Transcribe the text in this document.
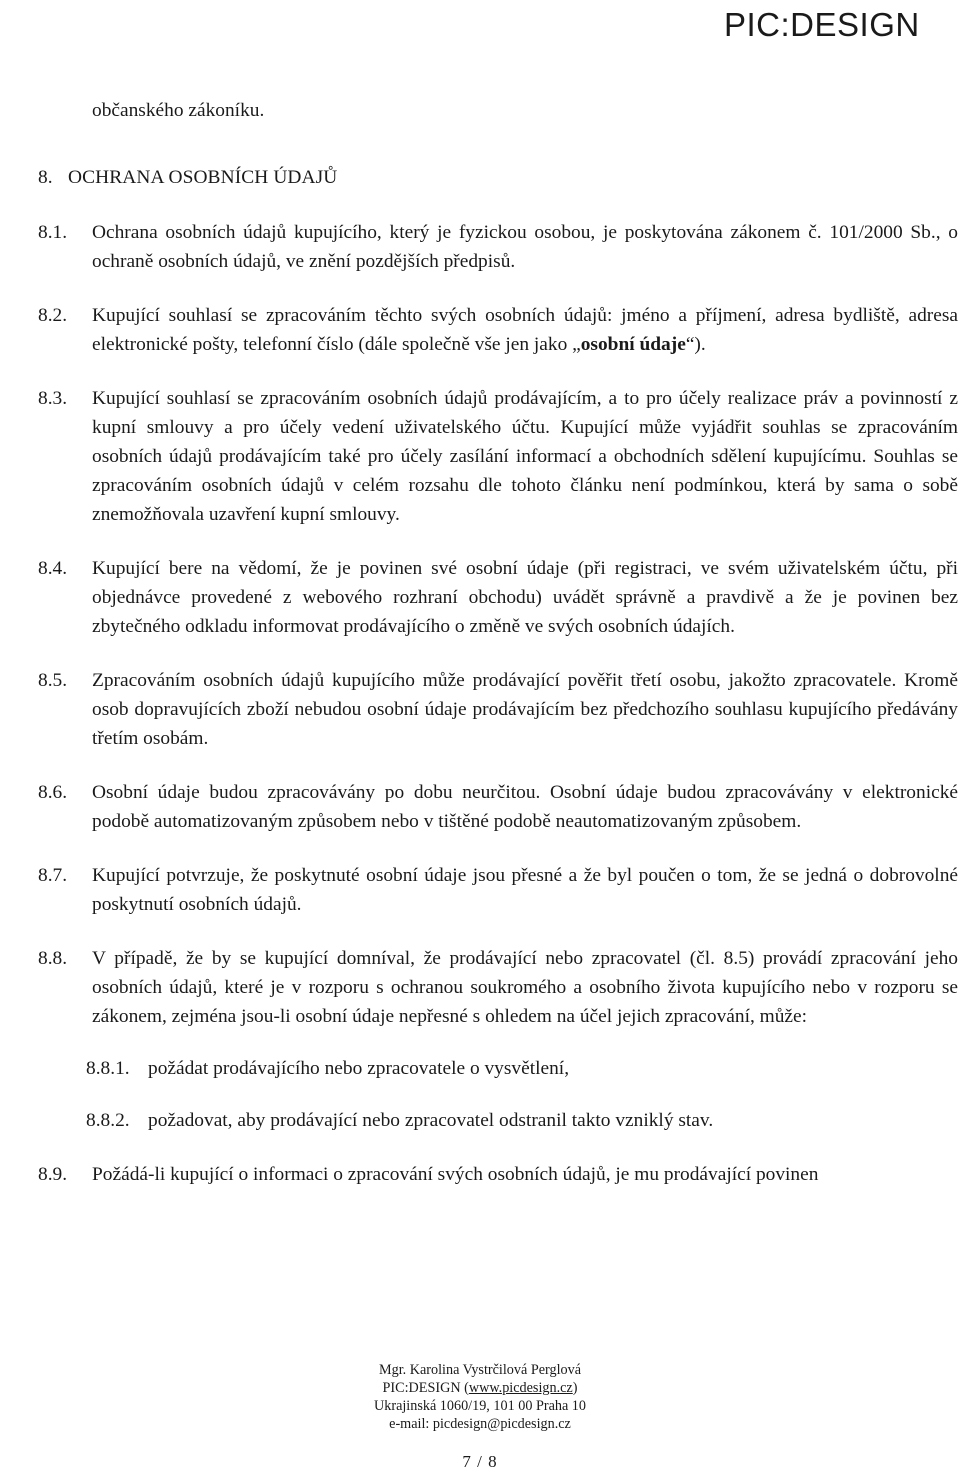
PIC:DESIGN
občanského zákoníku.
8. OCHRANA OSOBNÍCH ÚDAJŮ
8.1.	Ochrana osobních údajů kupujícího, který je fyzickou osobou, je poskytována zákonem č. 101/2000 Sb., o ochraně osobních údajů, ve znění pozdějších předpisů.
8.2.	Kupující souhlasí se zpracováním těchto svých osobních údajů: jméno a příjmení, adresa bydliště, adresa elektronické pošty, telefonní číslo (dále společně vše jen jako „osobní údaje“).
8.3.	Kupující souhlasí se zpracováním osobních údajů prodávajícím, a to pro účely realizace práv a povinností z kupní smlouvy a pro účely vedení uživatelského účtu. Kupující může vyjádřit souhlas se zpracováním osobních údajů prodávajícím také pro účely zasílání informací a obchodních sdělení kupujícímu. Souhlas se zpracováním osobních údajů v celém rozsahu dle tohoto článku není podmínkou, která by sama o sobě znemožňovala uzavření kupní smlouvy.
8.4.	Kupující bere na vědomí, že je povinen své osobní údaje (při registraci, ve svém uživatelském účtu, při objednávce provedené z webového rozhraní obchodu) uvádět správně a pravdivě a že je povinen bez zbytečného odkladu informovat prodávajícího o změně ve svých osobních údajích.
8.5.	Zpracováním osobních údajů kupujícího může prodávající pověřit třetí osobu, jakožto zpracovatele. Kromě osob dopravujících zboží nebudou osobní údaje prodávajícím bez předchozího souhlasu kupujícího předávány třetím osobám.
8.6.	Osobní údaje budou zpracovávány po dobu neurčitou. Osobní údaje budou zpracovávány v elektronické podobě automatizovaným způsobem nebo v tištěné podobě neautomatizovaným způsobem.
8.7.	Kupující potvrzuje, že poskytnuté osobní údaje jsou přesné a že byl poučen o tom, že se jedná o dobrovolné poskytnutí osobních údajů.
8.8.	V případě, že by se kupující domníval, že prodávající nebo zpracovatel (čl. 8.5) provádí zpracování jeho osobních údajů, které je v rozporu s ochranou soukromého a osobního života kupujícího nebo v rozporu se zákonem, zejména jsou-li osobní údaje nepřesné s ohledem na účel jejich zpracování, může:
8.8.1. požádat prodávajícího nebo zpracovatele o vysvětlení,
8.8.2. požadovat, aby prodávající nebo zpracovatel odstranil takto vzniklý stav.
8.9.	Požádá-li kupující o informaci o zpracování svých osobních údajů, je mu prodávající povinen
Mgr. Karolina Vystrčilová Perglová
PIC:DESIGN (www.picdesign.cz)
Ukrajinská 1060/19, 101 00 Praha 10
e-mail: picdesign@picdesign.cz
7 / 8
